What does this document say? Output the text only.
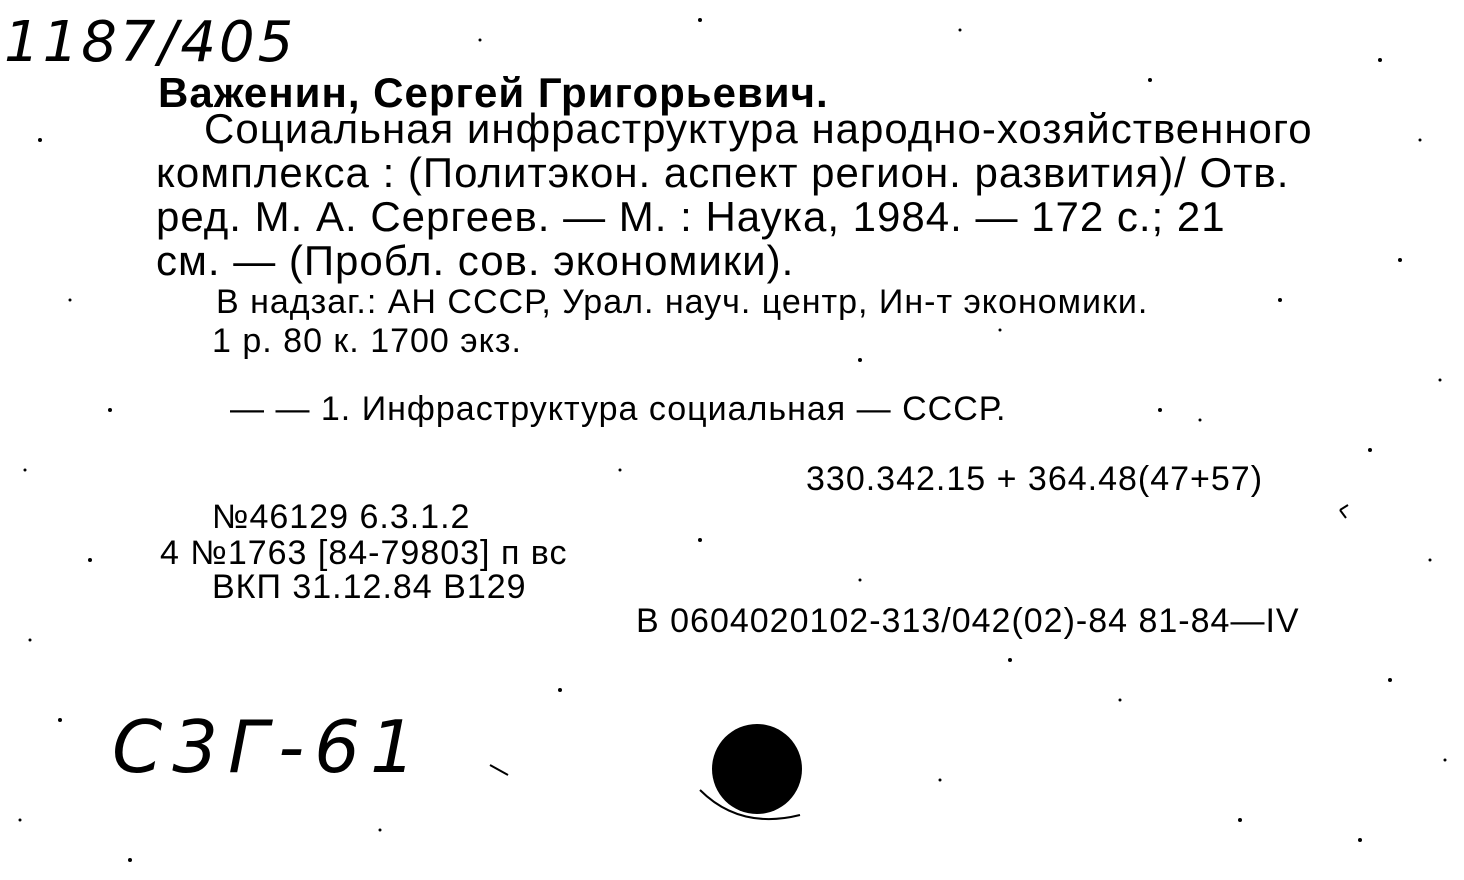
1187/405
Важенин, Сергей Григорьевич.
Социальная инфраструктура народно-хозяйственного
комплекса : (Политэкон. аспект регион. развития)/ Отв.
ред. М. А. Сергеев. — М. : Наука, 1984. — 172 с.; 21
см. — (Пробл. сов. экономики).
В надзаг.: АН СССР, Урал. науч. центр, Ин-т экономики.
1 р. 80 к. 1700 экз.
— — 1. Инфраструктура социальная — СССР.
330.342.15 + 364.48(47+57)
№46129 6.3.1.2
4 №1763 [84-79803] п вс
ВКП 31.12.84 В129
В 0604020102-313/042(02)-84 81-84—IV
С3Г-61
